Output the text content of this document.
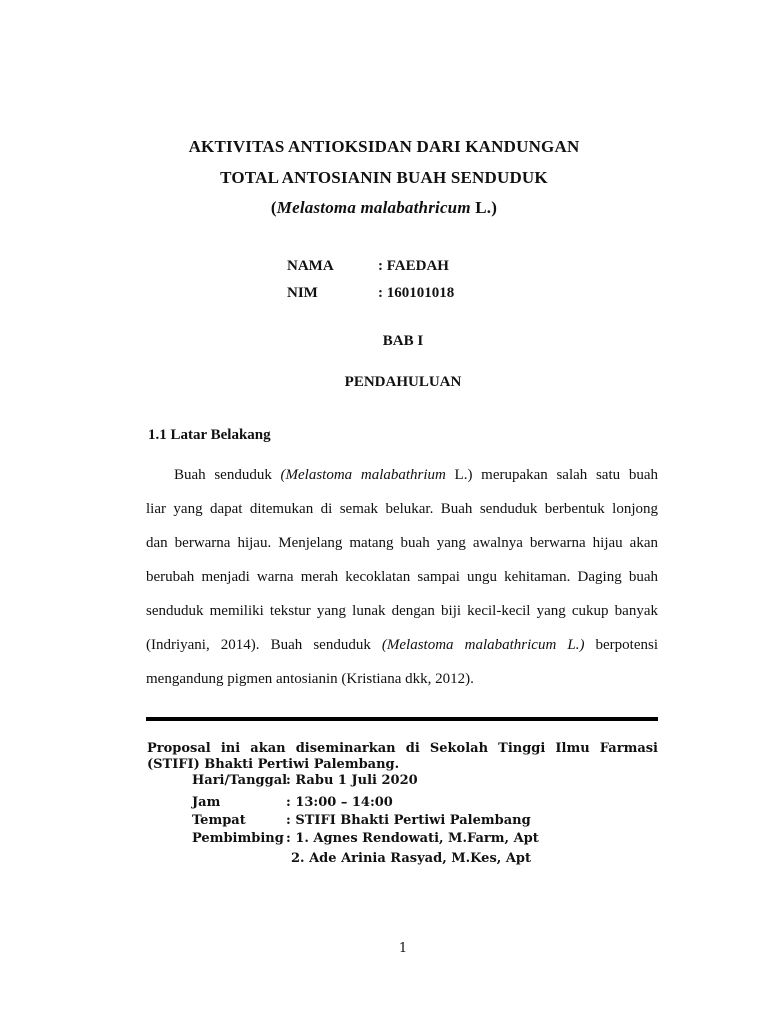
AKTIVITAS ANTIOKSIDAN DARI KANDUNGAN
TOTAL ANTOSIANIN BUAH SENDUDUK
(Melastoma malabathricum L.)
NAMA	: FAEDAH
NIM	: 160101018
BAB I
PENDAHULUAN
1.1 Latar Belakang
Buah senduduk (Melastoma malabathrium L.) merupakan salah satu buah
liar yang dapat ditemukan di semak belukar. Buah senduduk berbentuk lonjong
dan berwarna hijau. Menjelang matang buah yang awalnya berwarna hijau akan
berubah menjadi warna merah kecoklatan sampai ungu kehitaman. Daging buah
senduduk memiliki tekstur yang lunak dengan biji kecil-kecil yang cukup banyak
(Indriyani, 2014). Buah senduduk (Melastoma malabathricum L.) berpotensi
mengandung pigmen antosianin (Kristiana dkk, 2012).
Proposal ini akan diseminarkan di Sekolah Tinggi Ilmu Farmasi (STIFI) Bhakti Pertiwi Palembang.
Hari/Tanggal: Rabu 1 Juli 2020
Jam	: 13:00 – 14:00
Tempat	: STIFI Bhakti Pertiwi Palembang
Pembimbing : 1. Agnes Rendowati, M.Farm, Apt
2. Ade Arinia Rasyad, M.Kes, Apt
1
